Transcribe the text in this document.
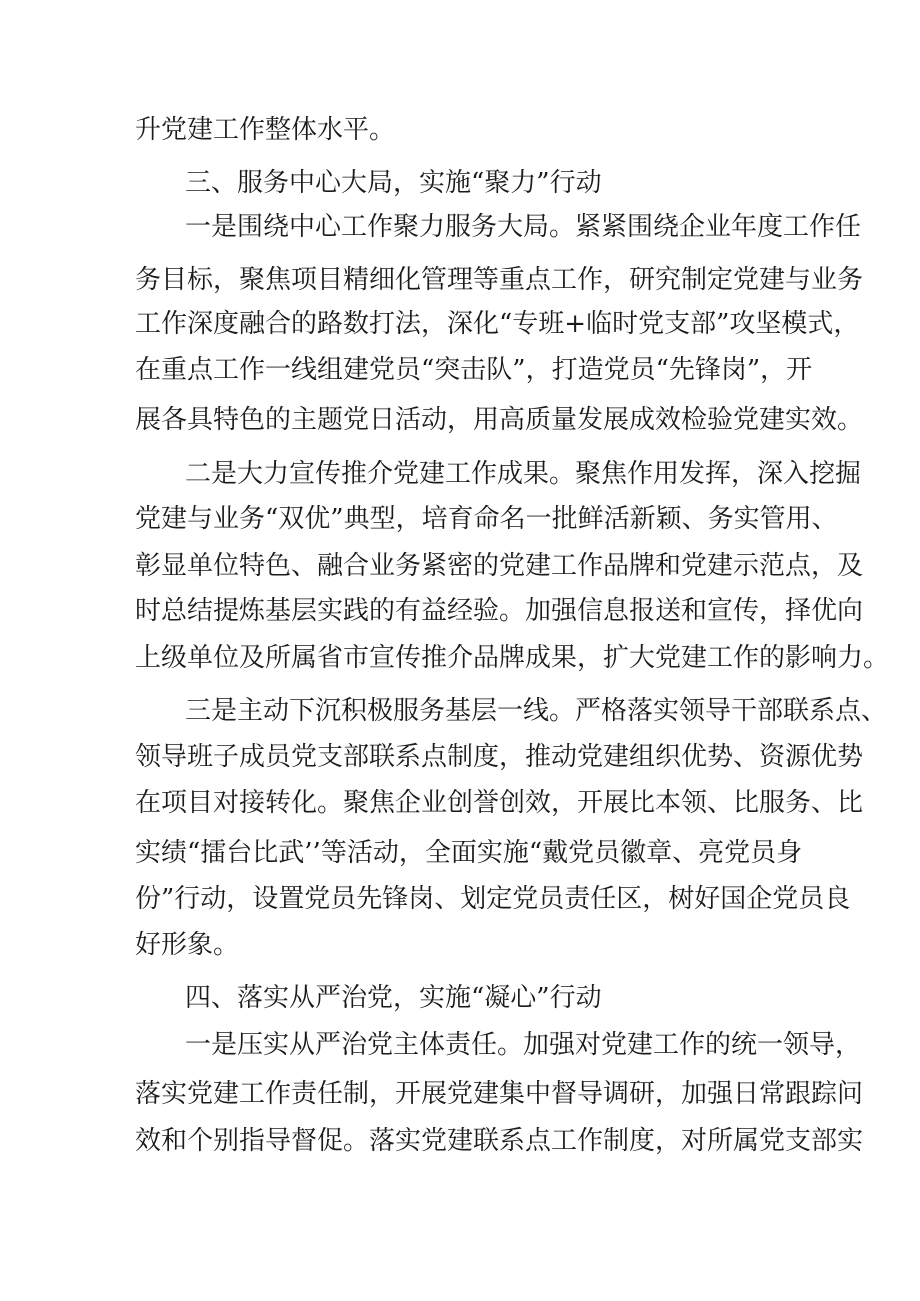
升党建工作整体水平。

三、服务中心大局，实施“聚力”行动

一是围绕中心工作聚力服务大局。紧紧围绕企业年度工作任

务目标，聚焦项目精细化管理等重点工作，研究制定党建与业务

工作深度融合的路数打法，深化“专班+临时党支部”攻坚模式，

在重点工作一线组建党员“突击队”，打造党员“先锋岗”，开

展各具特色的主题党日活动，用高质量发展成效检验党建实效。

二是大力宣传推介党建工作成果。聚焦作用发挥，深入挖掘

党建与业务“双优”典型，培育命名一批鲜活新颖、务实管用、

彰显单位特色、融合业务紧密的党建工作品牌和党建示范点，及

时总结提炼基层实践的有益经验。加强信息报送和宣传，择优向

上级单位及所属省市宣传推介品牌成果，扩大党建工作的影响力。

三是主动下沉积极服务基层一线。严格落实领导干部联系点、

领导班子成员党支部联系点制度，推动党建组织优势、资源优势

在项目对接转化。聚焦企业创誉创效，开展比本领、比服务、比

实绩“擂台比武’’等活动，全面实施“戴党员徽章、亮党员身

份”行动，设置党员先锋岗、划定党员责任区，树好国企党员良

好形象。

四、落实从严治党，实施“凝心”行动

一是压实从严治党主体责任。加强对党建工作的统一领导，

落实党建工作责任制，开展党建集中督导调研，加强日常跟踪问

效和个别指导督促。落实党建联系点工作制度，对所属党支部实
